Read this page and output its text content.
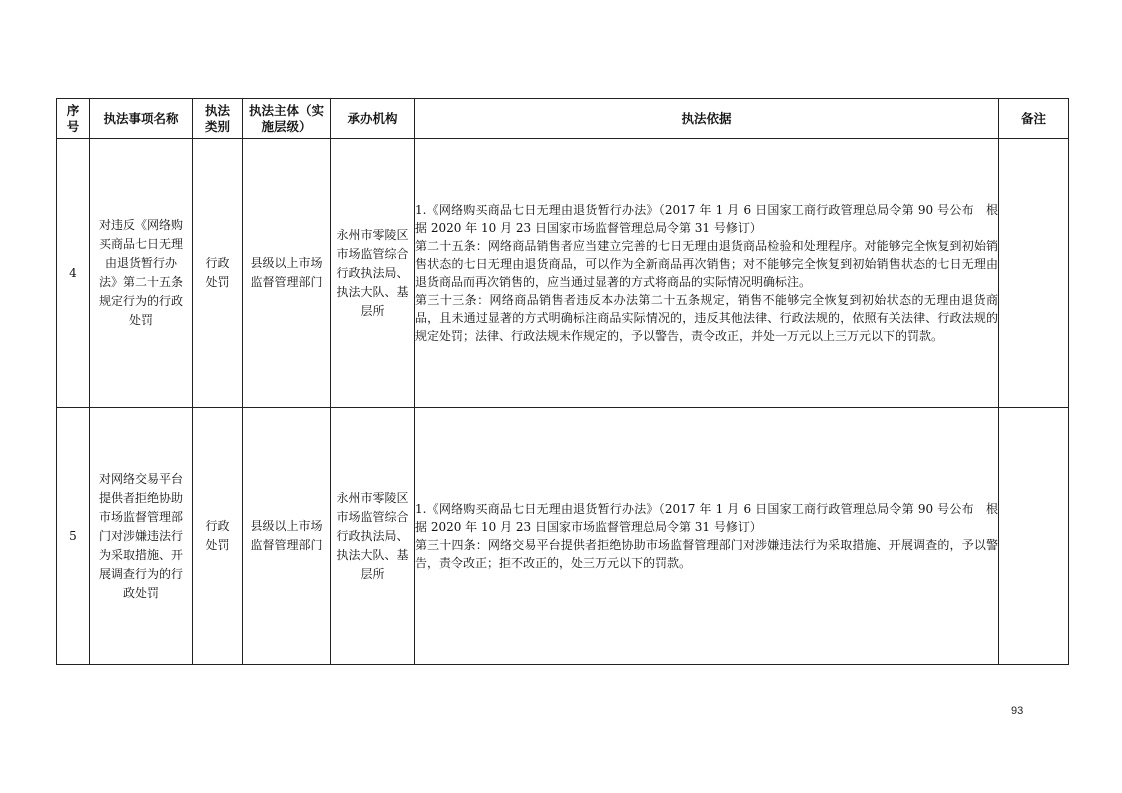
序号	执法事项名称	执法类别	执法主体（实施层级）	承办机构	执法依据	备注
4	对违反《网络购买商品七日无理由退货暂行办法》第二十五条规定行为的行政处罚	行政处罚	县级以上市场监督管理部门	永州市零陵区市场监管综合行政执法局、执法大队、基层所	1.《网络购买商品七日无理由退货暂行办法》（2017 年 1 月 6 日国家工商行政管理总局令第 90 号公布　根据 2020 年 10 月 23 日国家市场监督管理总局令第 31 号修订）

第二十五条：网络商品销售者应当建立完善的七日无理由退货商品检验和处理程序。对能够完全恢复到初始销售状态的七日无理由退货商品，可以作为全新商品再次销售；对不能够完全恢复到初始销售状态的七日无理由退货商品而再次销售的，应当通过显著的方式将商品的实际情况明确标注。

第三十三条：网络商品销售者违反本办法第二十五条规定，销售不能够完全恢复到初始状态的无理由退货商品，且未通过显著的方式明确标注商品实际情况的，违反其他法律、行政法规的，依照有关法律、行政法规的规定处罚；法律、行政法规未作规定的，予以警告，责令改正，并处一万元以上三万元以下的罚款。	

5	对网络交易平台提供者拒绝协助市场监督管理部门对涉嫌违法行为采取措施、开展调查行为的行政处罚	行政处罚	县级以上市场监督管理部门	永州市零陵区市场监管综合行政执法局、执法大队、基层所	1.《网络购买商品七日无理由退货暂行办法》（2017 年 1 月 6 日国家工商行政管理总局令第 90 号公布　根据 2020 年 10 月 23 日国家市场监督管理总局令第 31 号修订）

第三十四条：网络交易平台提供者拒绝协助市场监督管理部门对涉嫌违法行为采取措施、开展调查的，予以警告，责令改正；拒不改正的，处三万元以下的罚款。	

93
